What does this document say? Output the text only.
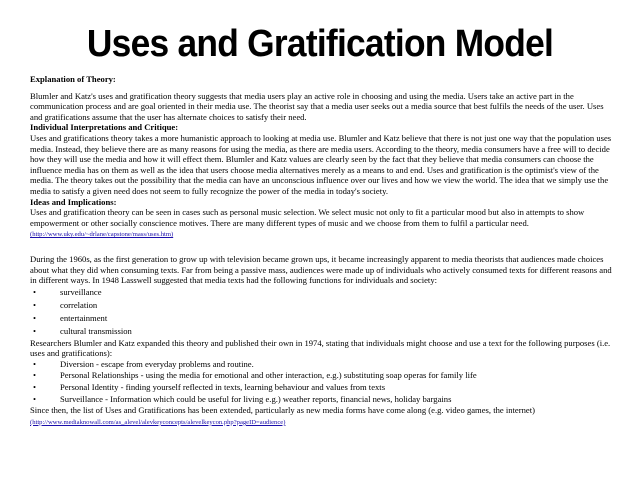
Uses and Gratification Model

Explanation of Theory:

Blumler and Katz's uses and gratification theory suggests that media users play an active role in choosing and using the media. Users take an active part in the communication process and are goal oriented in their media use. The theorist say that a media user seeks out a media source that best fulfils the needs of the user. Uses and gratifications assume that the user has alternate choices to satisfy their need.

Individual Interpretations and Critique:

Uses and gratifications theory takes a more humanistic approach to looking at media use. Blumler and Katz believe that there is not just one way that the population uses media. Instead, they believe there are as many reasons for using the media, as there are media users. According to the theory, media consumers have a free will to decide how they will use the media and how it will effect them. Blumler and Katz values are clearly seen by the fact that they believe that media consumers can choose the influence media has on them as well as the idea that users choose media alternatives merely as a means to and end. Uses and gratification is the optimist's view of the media. The theory takes out the possibility that the media can have an unconscious influence over our lives and how we view the world. The idea that we simply use the media to satisfy a given need does not seem to fully recognize the power of the media in today's society.

Ideas and Implications:

Uses and gratification theory can be seen in cases such as personal music selection. We select music not only to fit a particular mood but also in attempts to show empowerment or other socially conscience motives. There are many different types of music and we choose from them to fulfil a particular need. (http://www.uky.edu/~drlane/capstone/mass/uses.htm)

During the 1960s, as the first generation to grow up with television became grown ups, it became increasingly apparent to media theorists that audiences made choices about what they did when consuming texts. Far from being a passive mass, audiences were made up of individuals who actively consumed texts for different reasons and in different ways. In 1948 Lasswell suggested that media texts had the following functions for individuals and society:

• surveillance
• correlation
• entertainment
• cultural transmission

Researchers Blumler and Katz expanded this theory and published their own in 1974, stating that individuals might choose and use a text for the following purposes (i.e. uses and gratifications):

• Diversion - escape from everyday problems and routine.
• Personal Relationships - using the media for emotional and other interaction, e.g.) substituting soap operas for family life
• Personal Identity - finding yourself reflected in texts, learning behaviour and values from texts
• Surveillance - Information which could be useful for living e.g.) weather reports, financial news, holiday bargains

Since then, the list of Uses and Gratifications has been extended, particularly as new media forms have come along (e.g. video games, the internet)

(http://www.mediaknowall.com/as_alevel/alevkeyconcepts/alevelkeycon.php?pageID=audience)
